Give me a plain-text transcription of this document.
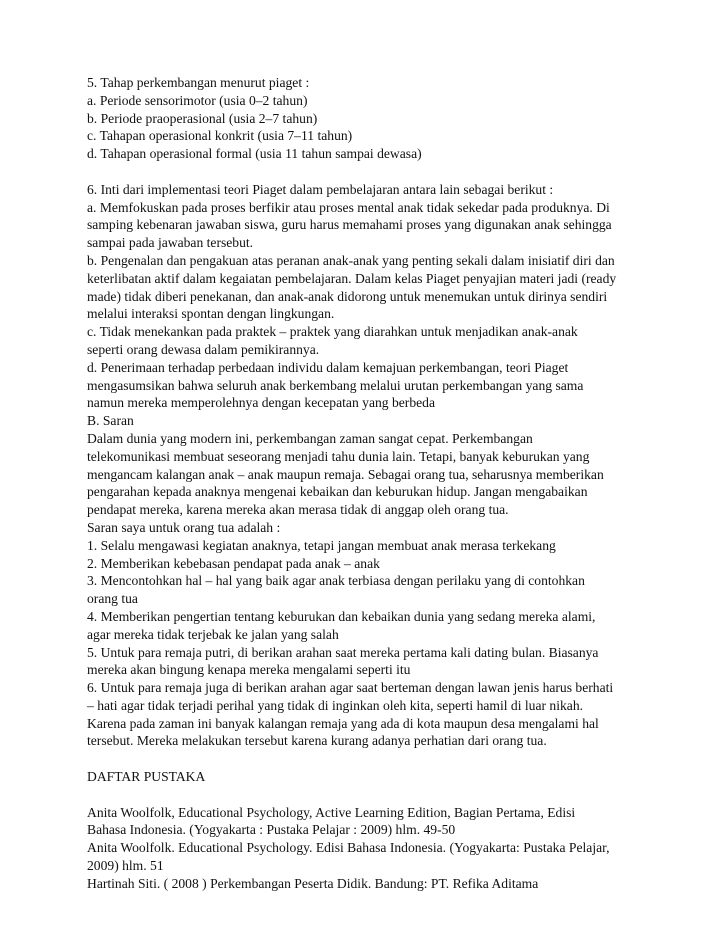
5. Tahap perkembangan menurut piaget :
a. Periode sensorimotor (usia 0–2 tahun)
b. Periode praoperasional (usia 2–7 tahun)
c. Tahapan operasional konkrit (usia 7–11 tahun)
d. Tahapan operasional formal (usia 11 tahun sampai dewasa)
6. Inti dari implementasi teori Piaget dalam pembelajaran antara lain sebagai berikut :
a. Memfokuskan pada proses berfikir atau proses mental anak tidak sekedar pada produknya. Di
samping kebenaran jawaban siswa, guru harus memahami proses yang digunakan anak sehingga
sampai pada jawaban tersebut.
b. Pengenalan dan pengakuan atas peranan anak-anak yang penting sekali dalam inisiatif diri dan
keterlibatan aktif dalam kegaiatan pembelajaran. Dalam kelas Piaget penyajian materi jadi (ready
made) tidak diberi penekanan, dan anak-anak didorong untuk menemukan untuk dirinya sendiri
melalui interaksi spontan dengan lingkungan.
c. Tidak menekankan pada praktek – praktek yang diarahkan untuk menjadikan anak-anak
seperti orang dewasa dalam pemikirannya.
d. Penerimaan terhadap perbedaan individu dalam kemajuan perkembangan, teori Piaget
mengasumsikan bahwa seluruh anak berkembang melalui urutan perkembangan yang sama
namun mereka memperolehnya dengan kecepatan yang berbeda
B. Saran
Dalam dunia yang modern ini, perkembangan zaman sangat cepat. Perkembangan
telekomunikasi membuat seseorang menjadi tahu dunia lain. Tetapi, banyak keburukan yang
mengancam kalangan anak – anak maupun remaja. Sebagai orang tua, seharusnya memberikan
pengarahan kepada anaknya mengenai kebaikan dan keburukan hidup. Jangan mengabaikan
pendapat mereka, karena mereka akan merasa tidak di anggap oleh orang tua.
Saran saya untuk orang tua adalah :
1. Selalu mengawasi kegiatan anaknya, tetapi jangan membuat anak merasa terkekang
2. Memberikan kebebasan pendapat pada anak – anak
3. Mencontohkan hal – hal yang baik agar anak terbiasa dengan perilaku yang di contohkan
orang tua
4. Memberikan pengertian tentang keburukan dan kebaikan dunia yang sedang mereka alami,
agar mereka tidak terjebak ke jalan yang salah
5. Untuk para remaja putri, di berikan arahan saat mereka pertama kali dating bulan. Biasanya
mereka akan bingung kenapa mereka mengalami seperti itu
6. Untuk para remaja juga di berikan arahan agar saat berteman dengan lawan jenis harus berhati
– hati agar tidak terjadi perihal yang tidak di inginkan oleh kita, seperti hamil di luar nikah.
Karena pada zaman ini banyak kalangan remaja yang ada di kota maupun desa mengalami hal
tersebut. Mereka melakukan tersebut karena kurang adanya perhatian dari orang tua.
DAFTAR PUSTAKA
Anita Woolfolk, Educational Psychology, Active Learning Edition, Bagian Pertama, Edisi
Bahasa Indonesia. (Yogyakarta : Pustaka Pelajar : 2009) hlm. 49-50
Anita Woolfolk. Educational Psychology. Edisi Bahasa Indonesia. (Yogyakarta: Pustaka Pelajar,
2009) hlm. 51
Hartinah Siti. ( 2008 ) Perkembangan Peserta Didik. Bandung: PT. Refika Aditama
